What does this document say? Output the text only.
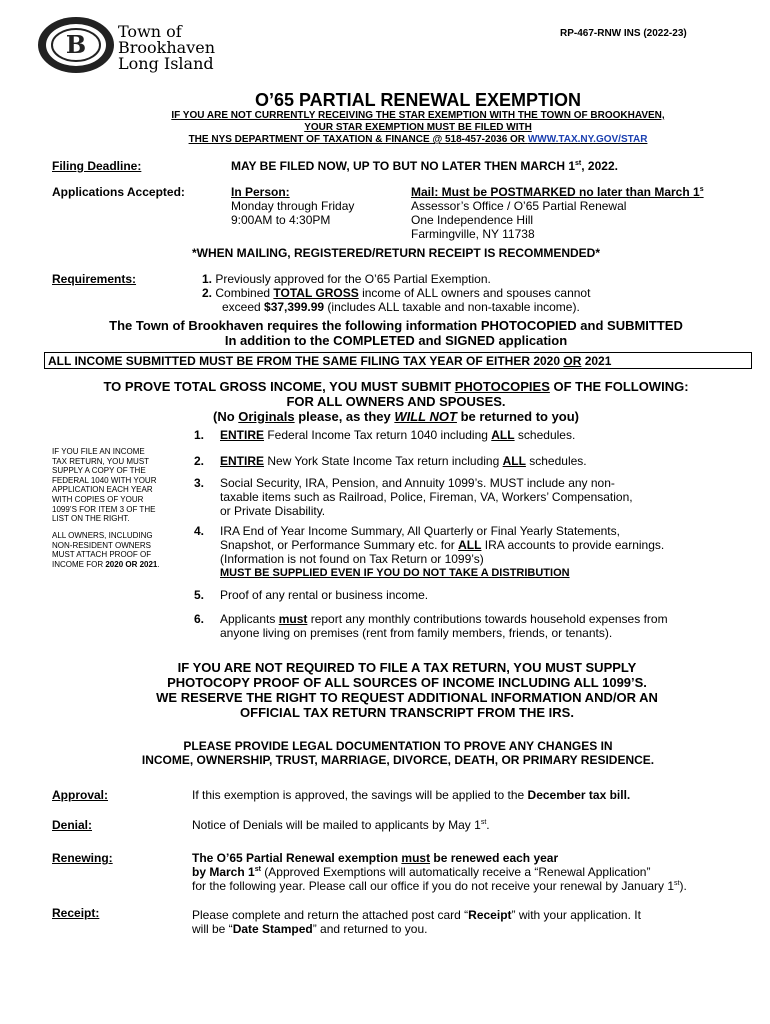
B Town of
Brookhaven
Long Island
RP-467-RNW INS (2022-23)
O’65 PARTIAL RENEWAL EXEMPTION
IF YOU ARE NOT CURRENTLY RECEIVING THE STAR EXEMPTION WITH THE TOWN OF BROOKHAVEN,
YOUR STAR EXEMPTION MUST BE FILED WITH
THE NYS DEPARTMENT OF TAXATION & FINANCE @ 518-457-2036 OR WWW.TAX.NY.GOV/STAR
Filing Deadline:	MAY BE FILED NOW, UP TO BUT NO LATER THEN MARCH 1st, 2022.
Applications Accepted:	In Person:
Monday through Friday
9:00AM to 4:30PM
Mail: Must be POSTMARKED no later than March 1$^s$
Assessor’s Office / O’65 Partial Renewal
One Independence Hill
Farmingville, NY 11738
*WHEN MAILING, REGISTERED/RETURN RECEIPT IS RECOMMENDED*
Requirements:	1. Previously approved for the O’65 Partial Exemption.
2. Combined TOTAL GROSS income of ALL owners and spouses cannot
exceed $37,399.99 (includes ALL taxable and non-taxable income).
The Town of Brookhaven requires the following information PHOTOCOPIED and SUBMITTED
In addition to the COMPLETED and SIGNED application
ALL INCOME SUBMITTED MUST BE FROM THE SAME FILING TAX YEAR OF EITHER 2020 OR 2021
TO PROVE TOTAL GROSS INCOME, YOU MUST SUBMIT PHOTOCOPIES OF THE FOLLOWING:
FOR ALL OWNERS AND SPOUSES.
(No Originals please, as they WILL NOT be returned to you)
IF YOU FILE AN INCOME
TAX RETURN, YOU MUST
SUPPLY A COPY OF THE
FEDERAL 1040 WITH YOUR
APPLICATION EACH YEAR
WITH COPIES OF YOUR
1099’S FOR ITEM 3 OF THE
LIST ON THE RIGHT.
ALL OWNERS, INCLUDING
NON-RESIDENT OWNERS
MUST ATTACH PROOF OF
INCOME FOR 2020 OR 2021.
1. ENTIRE Federal Income Tax return 1040 including ALL schedules.
2. ENTIRE New York State Income Tax return including ALL schedules.
3. Social Security, IRA, Pension, and Annuity 1099’s. MUST include any non-
taxable items such as Railroad, Police, Fireman, VA, Workers’ Compensation,
or Private Disability.
4. IRA End of Year Income Summary, All Quarterly or Final Yearly Statements,
Snapshot, or Performance Summary etc. for ALL IRA accounts to provide earnings.
(Information is not found on Tax Return or 1099’s)
MUST BE SUPPLIED EVEN IF YOU DO NOT TAKE A DISTRIBUTION
5. Proof of any rental or business income.
6. Applicants must report any monthly contributions towards household expenses from
anyone living on premises (rent from family members, friends, or tenants).
IF YOU ARE NOT REQUIRED TO FILE A TAX RETURN, YOU MUST SUPPLY
PHOTOCOPY PROOF OF ALL SOURCES OF INCOME INCLUDING ALL 1099’S.
WE RESERVE THE RIGHT TO REQUEST ADDITIONAL INFORMATION AND/OR AN
OFFICIAL TAX RETURN TRANSCRIPT FROM THE IRS.
PLEASE PROVIDE LEGAL DOCUMENTATION TO PROVE ANY CHANGES IN
INCOME, OWNERSHIP, TRUST, MARRIAGE, DIVORCE, DEATH, OR PRIMARY RESIDENCE.
Approval:	If this exemption is approved, the savings will be applied to the December tax bill.
Denial:	Notice of Denials will be mailed to applicants by May 1st.
Renewing:	The O’65 Partial Renewal exemption must be renewed each year
by March 1st (Approved Exemptions will automatically receive a “Renewal Application”
for the following year. Please call our office if you do not receive your renewal by January 1st).
Receipt:	Please complete and return the attached post card “Receipt” with your application. It
will be “Date Stamped” and returned to you.
